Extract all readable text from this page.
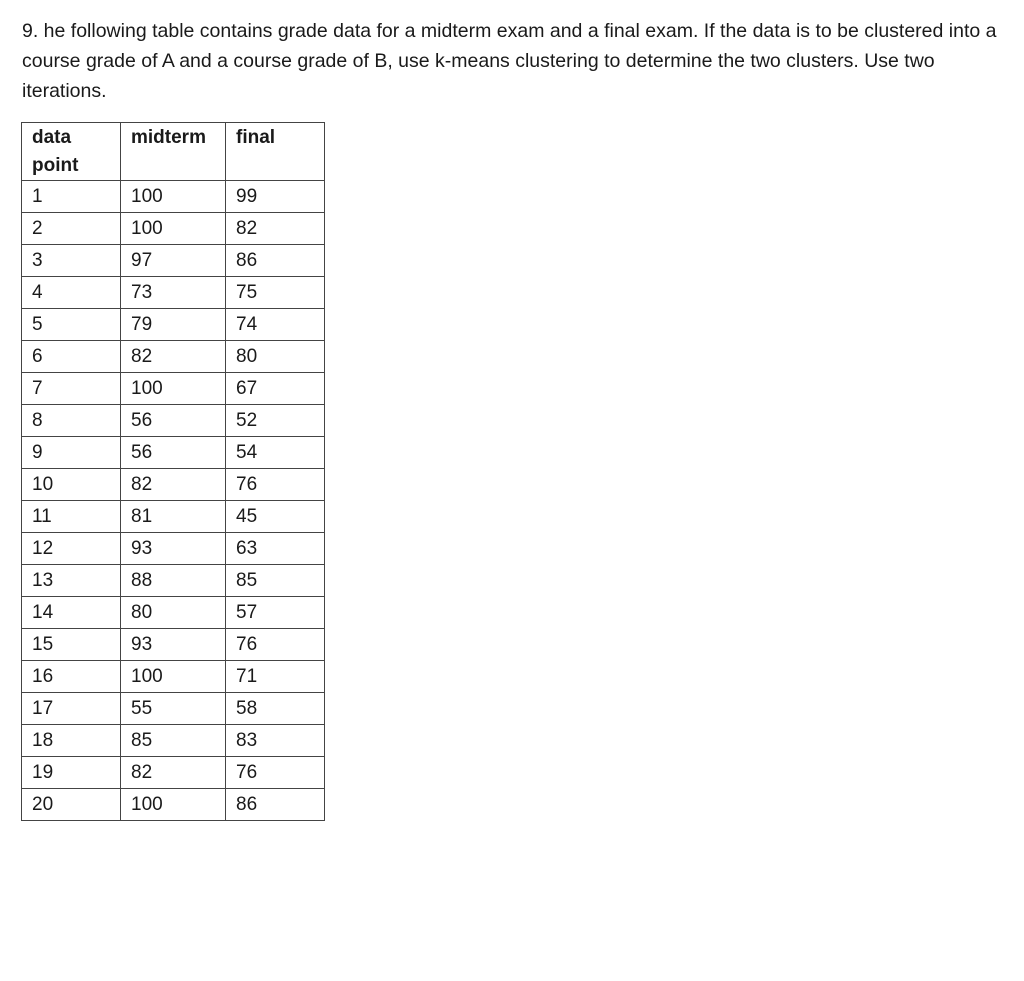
9. he following table contains grade data for a midterm exam and a final exam. If the data is to be clustered into a course grade of A and a course grade of B, use k-means clustering to determine the two clusters. Use two iterations.

data point	midterm	final
1	100	99
2	100	82
3	97	86
4	73	75
5	79	74
6	82	80
7	100	67
8	56	52
9	56	54
10	82	76
11	81	45
12	93	63
13	88	85
14	80	57
15	93	76
16	100	71
17	55	58
18	85	83
19	82	76
20	100	86
